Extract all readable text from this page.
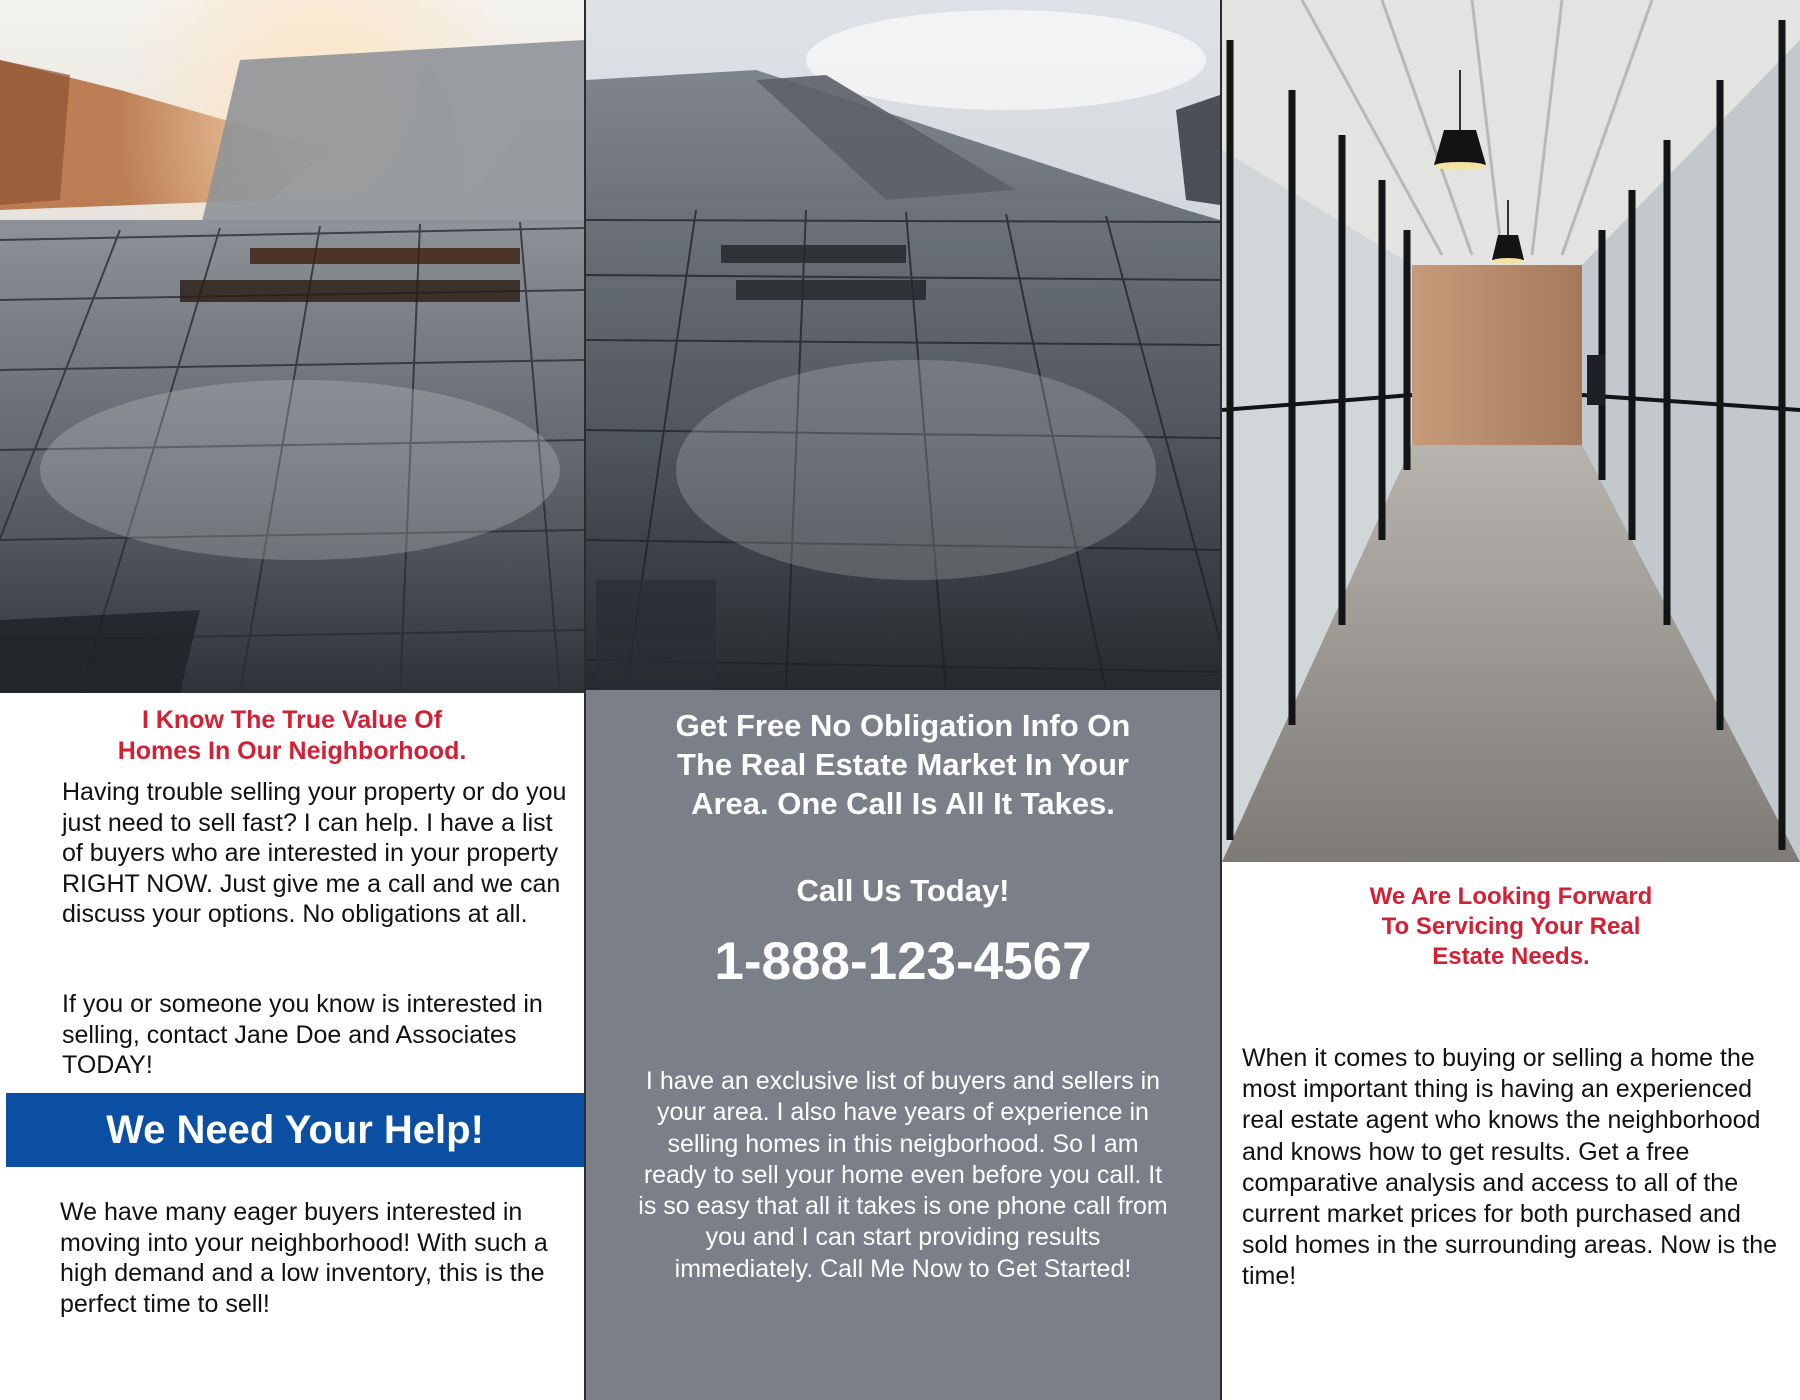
I Know The True Value Of
Homes In Our Neighborhood.

Having trouble selling your property or do you just need to sell fast? I can help. I have a list of buyers who are interested in your property RIGHT NOW. Just give me a call and we can discuss your options. No obligations at all.

If you or someone you know is interested in selling, contact Jane Doe and Associates TODAY!

We Need Your Help!

We have many eager buyers interested in moving into your neighborhood! With such a high demand and a low inventory, this is the perfect time to sell!

Get Free No Obligation Info On
The Real Estate Market In Your
Area. One Call Is All It Takes.

Call Us Today!

1-888-123-4567

I have an exclusive list of buyers and sellers in your area. I also have years of experience in selling homes in this neigborhood. So I am ready to sell your home even before you call. It is so easy that all it takes is one phone call from you and I can start providing results immediately. Call Me Now to Get Started!

We Are Looking Forward
To Servicing Your Real
Estate Needs.

When it comes to buying or selling a home the most important thing is having an experienced real estate agent who knows the neighborhood and knows how to get results. Get a free comparative analysis and access to all of the current market prices for both purchased and sold homes in the surrounding areas. Now is the time!
